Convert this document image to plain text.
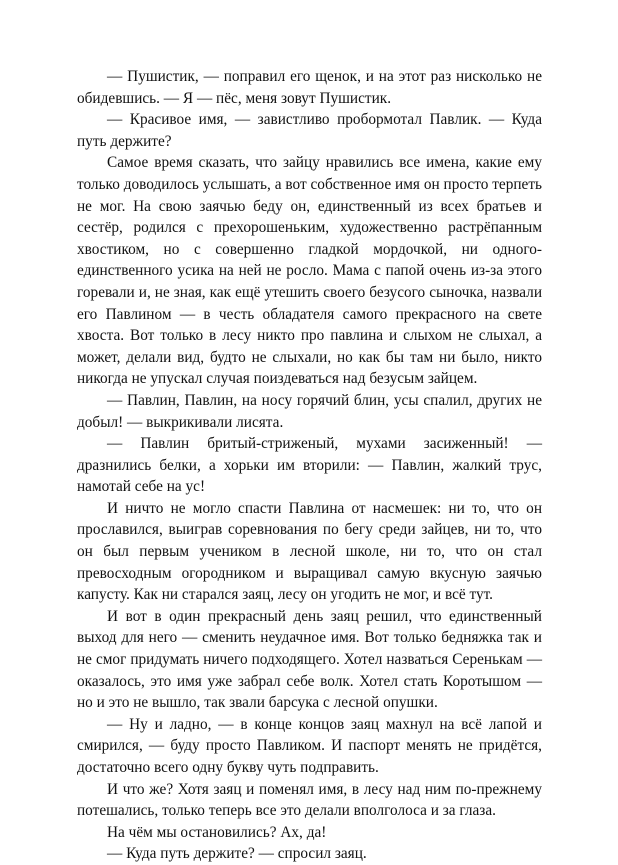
— Пушистик, — поправил его щенок, и на этот раз нисколько не обидевшись. — Я — пёс, меня зовут Пушистик.

— Красивое имя, — завистливо пробормотал Павлик. — Куда путь держите?

Самое время сказать, что зайцу нравились все имена, какие ему только доводилось услышать, а вот собственное имя он просто терпеть не мог. На свою заячью беду он, единственный из всех братьев и сестёр, родился с прехорошеньким, художественно растрёпанным хвостиком, но с совершенно гладкой мордочкой, ни одного-единственного усика на ней не росло. Мама с папой очень из-за этого горевали и, не зная, как ещё утешить своего безусого сыночка, назвали его Павлином — в честь обладателя самого прекрасного на свете хвоста. Вот только в лесу никто про павлина и слыхом не слыхал, а может, делали вид, будто не слыхали, но как бы там ни было, никто никогда не упускал случая поиздеваться над безусым зайцем.

— Павлин, Павлин, на носу горячий блин, усы спалил, других не добыл! — выкрикивали лисята.

— Павлин бритый-стриженый, мухами засиженный! — дразнились белки, а хорьки им вторили: — Павлин, жалкий трус, намотай себе на ус!

И ничто не могло спасти Павлина от насмешек: ни то, что он прославился, выиграв соревнования по бегу среди зайцев, ни то, что он был первым учеником в лесной школе, ни то, что он стал превосходным огородником и выращивал самую вкусную заячью капусту. Как ни старался заяц, лесу он угодить не мог, и всё тут.

И вот в один прекрасный день заяц решил, что единственный выход для него — сменить неудачное имя. Вот только бедняжка так и не смог придумать ничего подходящего. Хотел назваться Серенькам — оказалось, это имя уже забрал себе волк. Хотел стать Коротышом — но и это не вышло, так звали барсука с лесной опушки.

— Ну и ладно, — в конце концов заяц махнул на всё лапой и смирился, — буду просто Павликом. И паспорт менять не придётся, достаточно всего одну букву чуть подправить.

И что же? Хотя заяц и поменял имя, в лесу над ним по-прежнему потешались, только теперь все это делали вполголоса и за глаза.

На чём мы остановились? Ах, да!

— Куда путь держите? — спросил заяц.
